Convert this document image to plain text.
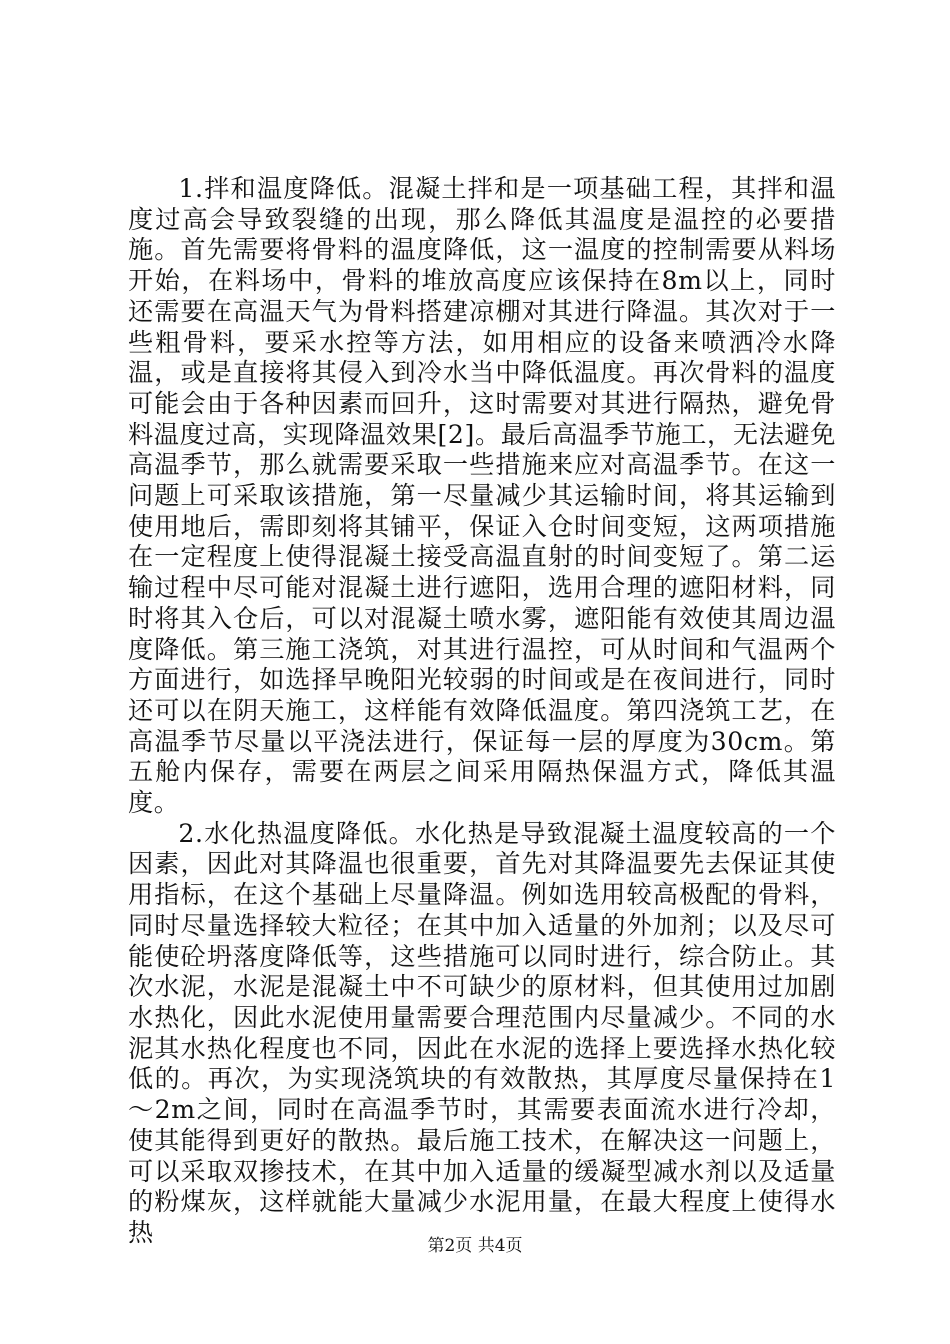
1.拌和温度降低。混凝土拌和是一项基础工程，其拌和温度过高会导致裂缝的出现，那么降低其温度是温控的必要措施。首先需要将骨料的温度降低，这一温度的控制需要从料场开始，在料场中，骨料的堆放高度应该保持在8m以上，同时还需要在高温天气为骨料搭建凉棚对其进行降温。其次对于一些粗骨料，要采水控等方法，如用相应的设备来喷洒冷水降温，或是直接将其侵入到冷水当中降低温度。再次骨料的温度可能会由于各种因素而回升，这时需要对其进行隔热，避免骨料温度过高，实现降温效果[2]。最后高温季节施工，无法避免高温季节，那么就需要采取一些措施来应对高温季节。在这一问题上可采取该措施，第一尽量减少其运输时间，将其运输到使用地后，需即刻将其铺平，保证入仓时间变短，这两项措施在一定程度上使得混凝土接受高温直射的时间变短了。第二运输过程中尽可能对混凝土进行遮阳，选用合理的遮阳材料，同时将其入仓后，可以对混凝土喷水雾，遮阳能有效使其周边温度降低。第三施工浇筑，对其进行温控，可从时间和气温两个方面进行，如选择早晚阳光较弱的时间或是在夜间进行，同时还可以在阴天施工，这样能有效降低温度。第四浇筑工艺，在高温季节尽量以平浇法进行，保证每一层的厚度为30cm。第五舱内保存，需要在两层之间采用隔热保温方式，降低其温度。

2.水化热温度降低。水化热是导致混凝土温度较高的一个因素，因此对其降温也很重要，首先对其降温要先去保证其使用指标，在这个基础上尽量降温。例如选用较高极配的骨料，同时尽量选择较大粒径；在其中加入适量的外加剂；以及尽可能使砼坍落度降低等，这些措施可以同时进行，综合防止。其次水泥，水泥是混凝土中不可缺少的原材料，但其使用过加剧水热化，因此水泥使用量需要合理范围内尽量减少。不同的水泥其水热化程度也不同，因此在水泥的选择上要选择水热化较低的。再次，为实现浇筑块的有效散热，其厚度尽量保持在1～2m之间，同时在高温季节时，其需要表面流水进行冷却，使其能得到更好的散热。最后施工技术，在解决这一问题上，可以采取双掺技术，在其中加入适量的缓凝型减水剂以及适量的粉煤灰，这样就能大量减少水泥用量，在最大程度上使得水热	第2页 共4页
